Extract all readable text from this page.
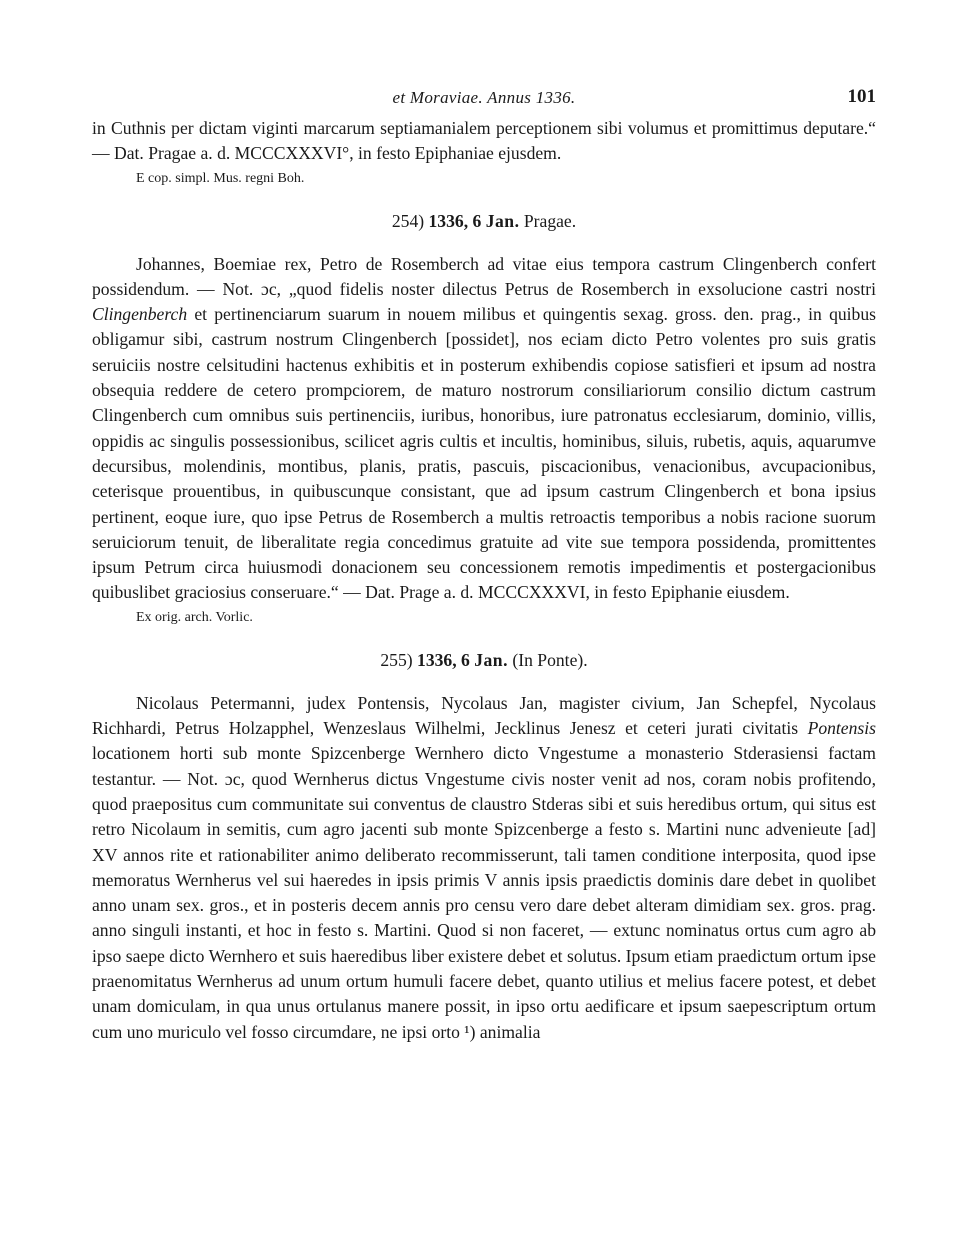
et Moraviae. Annus 1336.	101

in Cuthnis per dictam viginti marcarum septiamanialem perceptionem sibi volumus et promittimus deputare.“ — Dat. Pragae a. d. MCCCXXXVI°, in festo Epiphaniae ejusdem.

E cop. simpl. Mus. regni Boh.
254) 1336, 6 Jan. Pragae.

Johannes, Boemiae rex, Petro de Rosemberch ad vitae eius tempora castrum Clingenberch confert possidendum. — Not. ɔc, „quod fidelis noster dilectus Petrus de Rosemberch in exsolucione castri nostri Clingenberch et pertinenciarum suarum in nouem milibus et quingentis sexag. gross. den. prag., in quibus obligamur sibi, castrum nostrum Clingenberch [possidet], nos eciam dicto Petro volentes pro suis gratis seruiciis nostre celsitudini hactenus exhibitis et in posterum exhibendis copiose satisfieri et ipsum ad nostra obsequia reddere de cetero prompciorem, de maturo nostrorum consiliariorum consilio dictum castrum Clingenberch cum omnibus suis pertinenciis, iuribus, honoribus, iure patronatus ecclesiarum, dominio, villis, oppidis ac singulis possessionibus, scilicet agris cultis et incultis, hominibus, siluis, rubetis, aquis, aquarumve decursibus, molendinis, montibus, planis, pratis, pascuis, piscacionibus, venacionibus, avcupacionibus, ceterisque prouentibus, in quibuscunque consistant, que ad ipsum castrum Clingenberch et bona ipsius pertinent, eoque iure, quo ipse Petrus de Rosemberch a multis retroactis temporibus a nobis racione suorum seruiciorum tenuit, de liberalitate regia concedimus gratuite ad vite sue tempora possidenda, promittentes ipsum Petrum circa huiusmodi donacionem seu concessionem remotis impedimentis et postergacionibus quibuslibet graciosius conseruare.“ — Dat. Prage a. d. MCCCXXXVI, in festo Epiphanie eiusdem.

Ex orig. arch. Vorlic.
255) 1336, 6 Jan. (In Ponte).

Nicolaus Petermanni, judex Pontensis, Nycolaus Jan, magister civium, Jan Schepfel, Nycolaus Richhardi, Petrus Holzapphel, Wenzeslaus Wilhelmi, Jecklinus Jenesz et ceteri jurati civitatis Pontensis locationem horti sub monte Spizcenberge Wernhero dicto Vngestume a monasterio Stderasiensi factam testantur. — Not. ɔc, quod Wernherus dictus Vngestume civis noster venit ad nos, coram nobis profitendo, quod praepositus cum communitate sui conventus de claustro Stderas sibi et suis heredibus ortum, qui situs est retro Nicolaum in semitis, cum agro jacenti sub monte Spizcenberge a festo s. Martini nunc advenieute [ad] XV annos rite et rationabiliter animo deliberato recommisserunt, tali tamen conditione interposita, quod ipse memoratus Wernherus vel sui haeredes in ipsis primis V annis ipsis praedictis dominis dare debet in quolibet anno unam sex. gros., et in posteris decem annis pro censu vero dare debet alteram dimidiam sex. gros. prag. anno singuli instanti, et hoc in festo s. Martini. Quod si non faceret, — extunc nominatus ortus cum agro ab ipso saepe dicto Wernhero et suis haeredibus liber existere debet et solutus. Ipsum etiam praedictum ortum ipse praenomitatus Wernherus ad unum ortum humuli facere debet, quanto utilius et melius facere potest, et debet unam domiculam, in qua unus ortulanus manere possit, in ipso ortu aedificare et ipsum saepescriptum ortum cum uno muriculo vel fosso circumdare, ne ipsi orto ¹) animalia
